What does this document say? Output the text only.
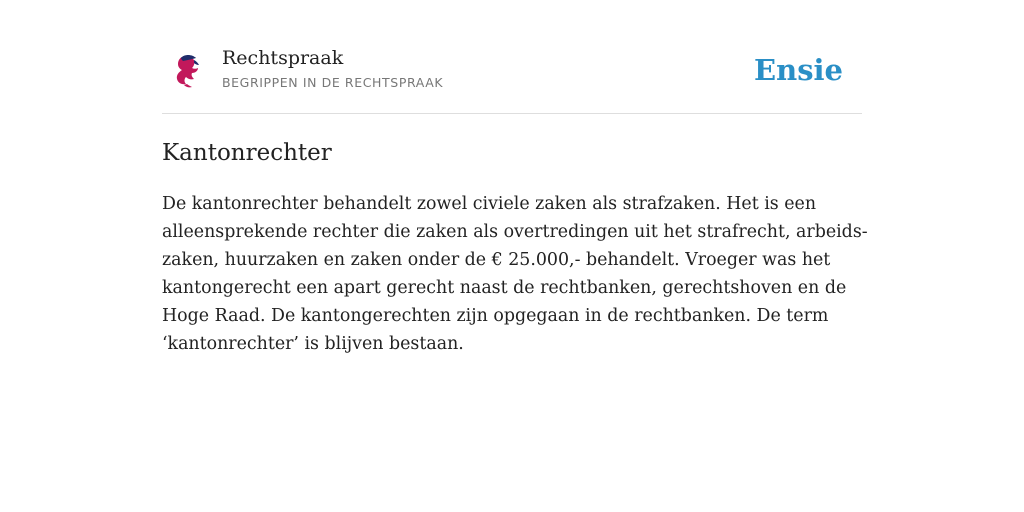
Rechtspraak
BEGRIPPEN IN DE RECHTSPRAAK	Ensie
Kantonrechter

De kantonrechter behandelt zowel civiele zaken als strafzaken. Het is een
alleensprekende rechter die zaken als overtredingen uit het strafrecht, arbeids-
zaken, huurzaken en zaken onder de € 25.000,- behandelt. Vroeger was het
kantongerecht een apart gerecht naast de rechtbanken, gerechtshoven en de
Hoge Raad. De kantongerechten zijn opgegaan in de rechtbanken. De term
‘kantonrechter’ is blijven bestaan.
